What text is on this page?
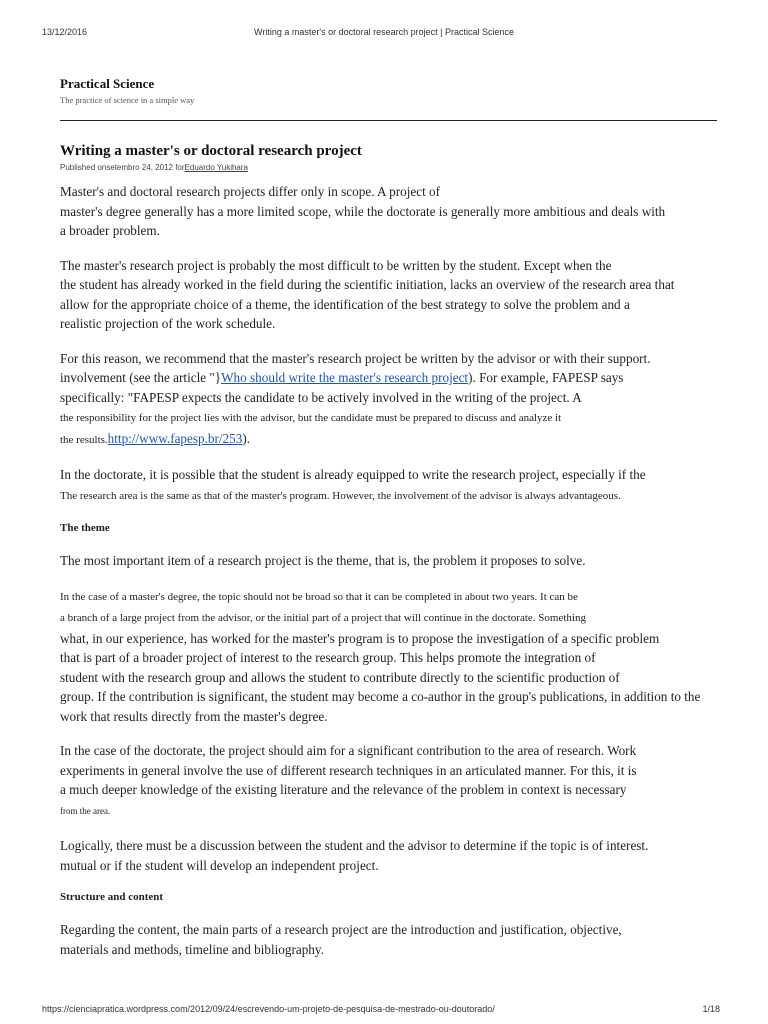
13/12/2016	Writing a master's or doctoral research project | Practical Science
Practical Science
The practice of science in a simple way
Writing a master's or doctoral research project
Published onsetembro 24, 2012 forEduardo Yukihara

Master's and doctoral research projects differ only in scope. A project of
master's degree generally has a more limited scope, while the doctorate is generally more ambitious and deals with
a broader problem.

The master's research project is probably the most difficult to be written by the student. Except when the
the student has already worked in the field during the scientific initiation, lacks an overview of the research area that
allow for the appropriate choice of a theme, the identification of the best strategy to solve the problem and a
realistic projection of the work schedule.

For this reason, we recommend that the master's research project be written by the advisor or with their support.
involvement (see the article "}Who should write the master's research project). For example, FAPESP says
specifically: "FAPESP expects the candidate to be actively involved in the writing of the project. A
the responsibility for the project lies with the advisor, but the candidate must be prepared to discuss and analyze it
the results.http://www.fapesp.br/253).

In the doctorate, it is possible that the student is already equipped to write the research project, especially if the
The research area is the same as that of the master's program. However, the involvement of the advisor is always advantageous.

The theme

The most important item of a research project is the theme, that is, the problem it proposes to solve.

In the case of a master's degree, the topic should not be broad so that it can be completed in about two years. It can be
a branch of a large project from the advisor, or the initial part of a project that will continue in the doctorate. Something
what, in our experience, has worked for the master's program is to propose the investigation of a specific problem
that is part of a broader project of interest to the research group. This helps promote the integration of
student with the research group and allows the student to contribute directly to the scientific production of
group. If the contribution is significant, the student may become a co-author in the group's publications, in addition to the
work that results directly from the master's degree.

In the case of the doctorate, the project should aim for a significant contribution to the area of research. Work
experiments in general involve the use of different research techniques in an articulated manner. For this, it is
a much deeper knowledge of the existing literature and the relevance of the problem in context is necessary
from the area.

Logically, there must be a discussion between the student and the advisor to determine if the topic is of interest.
mutual or if the student will develop an independent project.

Structure and content

Regarding the content, the main parts of a research project are the introduction and justification, objective,
materials and methods, timeline and bibliography.

https://cienciapratica.wordpress.com/2012/09/24/escrevendo-um-projeto-de-pesquisa-de-mestrado-ou-doutorado/	1/18
